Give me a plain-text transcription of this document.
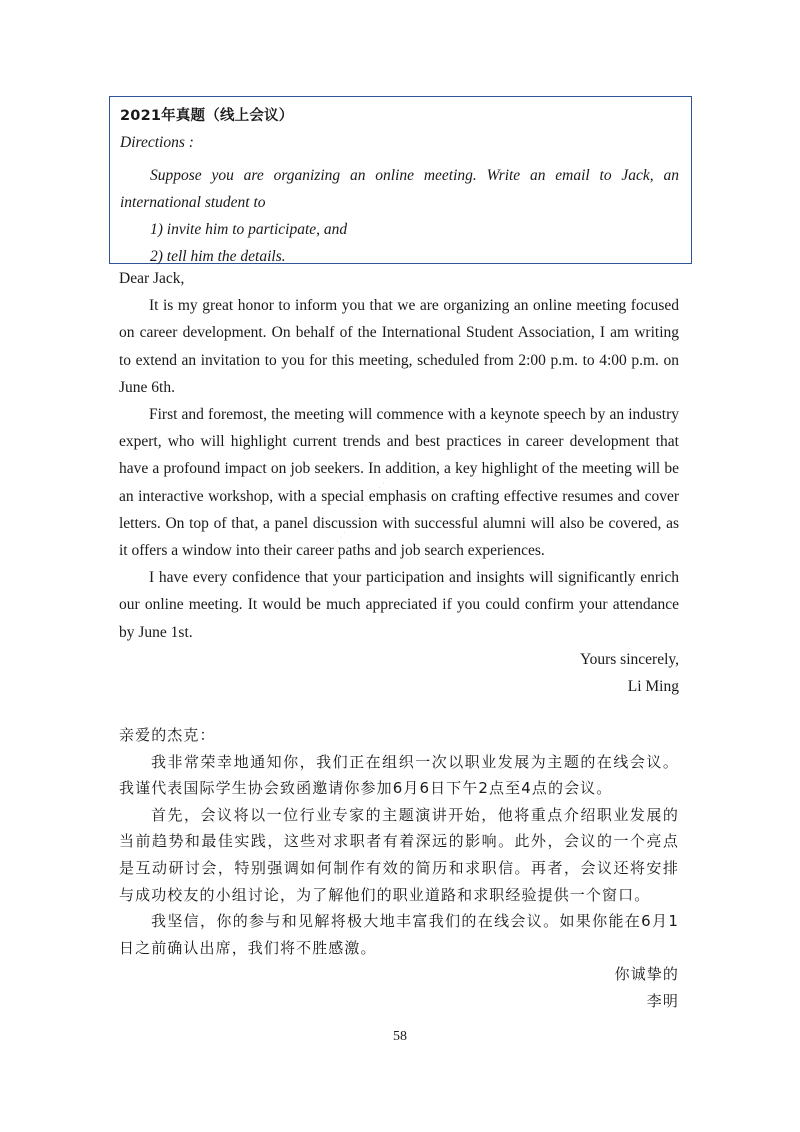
2021年真题（线上会议）
Directions :

Suppose you are organizing an online meeting. Write an email to Jack, an international student to

1) invite him to participate, and

2) tell him the details.

Dear Jack,

It is my great honor to inform you that we are organizing an online meeting focused on career development. On behalf of the International Student Association, I am writing to extend an invitation to you for this meeting, scheduled from 2:00 p.m. to 4:00 p.m. on June 6th.

First and foremost, the meeting will commence with a keynote speech by an industry expert, who will highlight current trends and best practices in career development that have a profound impact on job seekers. In addition, a key highlight of the meeting will be an interactive workshop, with a special emphasis on crafting effective resumes and cover letters. On top of that, a panel discussion with successful alumni will also be covered, as it offers a window into their career paths and job search experiences.

I have every confidence that your participation and insights will significantly enrich our online meeting. It would be much appreciated if you could confirm your attendance by June 1st.

Yours sincerely,

Li Ming

亲爱的杰克：

我非常荣幸地通知你，我们正在组织一次以职业发展为主题的在线会议。我谨代表国际学生协会致函邀请你参加6月6日下午2点至4点的会议。

首先，会议将以一位行业专家的主题演讲开始，他将重点介绍职业发展的当前趋势和最佳实践，这些对求职者有着深远的影响。此外，会议的一个亮点是互动研讨会，特别强调如何制作有效的简历和求职信。再者，会议还将安排与成功校友的小组讨论，为了解他们的职业道路和求职经验提供一个窗口。

我坚信，你的参与和见解将极大地丰富我们的在线会议。如果你能在6月1日之前确认出席，我们将不胜感激。

你诚挚的

李明

· · · · · · · · · · · · · · · ·
58
